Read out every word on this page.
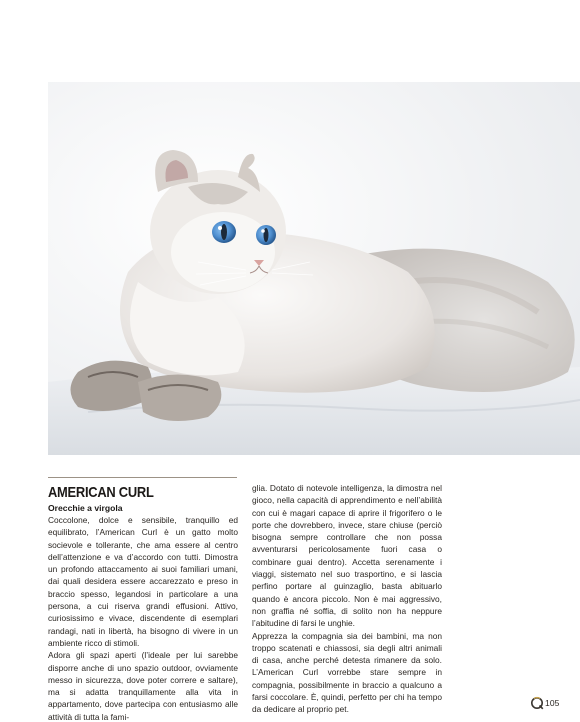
AMERICAN CURL
Orecchie a virgola

Coccolone, dolce e sensibile, tranquillo ed equilibrato, l’American Curl è un gatto molto socievole e tollerante, che ama essere al centro dell’attenzione e va d’accordo con tutti. Dimostra un profondo attaccamento ai suoi familiari umani, dai quali desidera essere accarezzato e preso in braccio spesso, legandosi in particolare a una persona, a cui riserva grandi effusioni. Attivo, curiosissimo e vivace, discendente di esemplari randagi, nati in libertà, ha bisogno di vivere in un ambiente ricco di stimoli.

Adora gli spazi aperti (l’ideale per lui sarebbe disporre anche di uno spazio outdoor, ovviamente messo in sicurezza, dove poter correre e saltare), ma si adatta tranquillamente alla vita in appartamento, dove partecipa con entusiasmo alle attività di tutta la fami-

glia. Dotato di notevole intelligenza, la dimostra nel gioco, nella capacità di apprendimento e nell’abilità con cui è magari capace di aprire il frigorifero o le porte che dovrebbero, invece, stare chiuse (perciò bisogna sempre controllare che non possa avventurarsi pericolosamente fuori casa o combinare guai dentro). Accetta serenamente i viaggi, sistemato nel suo trasportino, e si lascia perfino portare al guinzaglio, basta abituarlo quando è ancora piccolo. Non è mai aggressivo, non graffia né soffia, di solito non ha neppure l’abitudine di farsi le unghie.

Apprezza la compagnia sia dei bambini, ma non troppo scatenati e chiassosi, sia degli altri animali di casa, anche perché detesta rimanere da solo. L’American Curl vorrebbe stare sempre in compagnia, possibilmente in braccio a qualcuno a farsi coccolare. È, quindi, perfetto per chi ha tempo da dedicare al proprio pet.

105
